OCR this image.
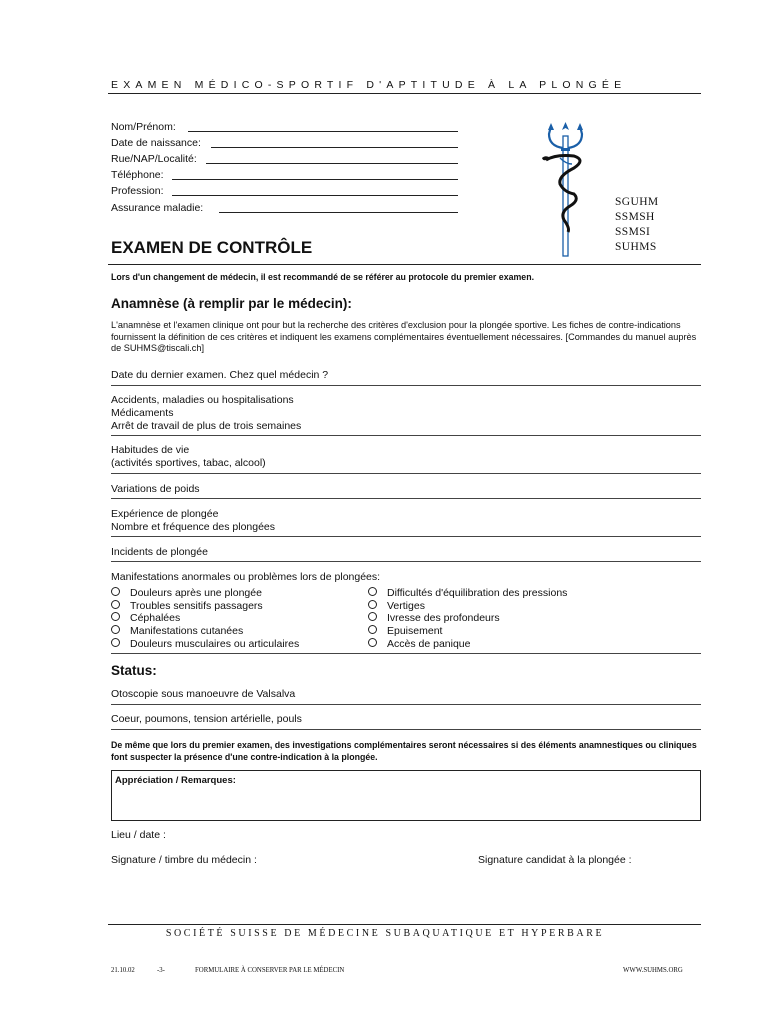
EXAMEN MÉDICO-SPORTIF D'APTITUDE À LA PLONGÉE
Nom/Prénom:
Date de naissance:
Rue/NAP/Localité:
Téléphone:
Profession:
Assurance maladie:	SGUHM
SSMSH
SSMSI
SUHMS
EXAMEN DE CONTRÔLE
Lors d'un changement de médecin, il est recommandé de se référer au protocole du premier examen.
Anamnèse (à remplir par le médecin):
L'anamnèse et l'examen clinique ont pour but la recherche des critères d'exclusion pour la plongée sportive. Les fiches de contre-indications fournissent la définition de ces critères et indiquent les examens complémentaires éventuellement nécessaires. [Commandes du manuel auprès de SUHMS@tiscali.ch]
Date du dernier examen. Chez quel médecin ?
Accidents, maladies ou hospitalisations
Médicaments
Arrêt de travail de plus de trois semaines
Habitudes de vie
(activités sportives, tabac, alcool)
Variations de poids
Expérience de plongée
Nombre et fréquence des plongées
Incidents de plongée
Manifestations anormales ou problèmes lors de plongées:
Douleurs après une plongée
Troubles sensitifs passagers
Céphalées
Manifestations cutanées
Douleurs musculaires ou articulaires
Difficultés d'équilibration des pressions
Vertiges
Ivresse des profondeurs
Epuisement
Accès de panique
Status:
Otoscopie sous manoeuvre de Valsalva
Coeur, poumons, tension artérielle, pouls
De même que lors du premier examen, des investigations complémentaires seront nécessaires si des éléments anamnestiques ou cliniques font suspecter la présence d'une contre-indication à la plongée.
Appréciation / Remarques:
Lieu / date :
Signature / timbre du médecin :	Signature candidat à la plongée :
SOCIÉTÉ SUISSE DE MÉDECINE SUBAQUATIQUE ET HYPERBARE
21.10.02	-3-	FORMULAIRE À CONSERVER PAR LE MÉDECIN	WWW.SUHMS.ORG
